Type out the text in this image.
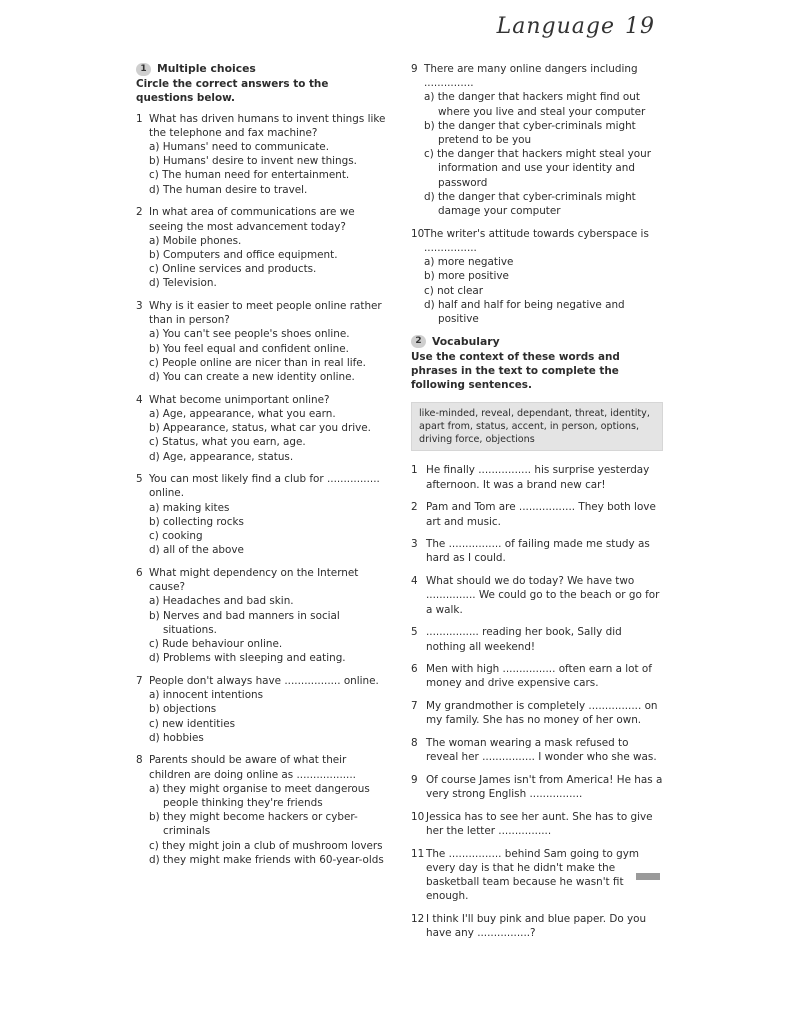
Language 19
1 Multiple choices
Circle the correct answers to the questions below.
1 What has driven humans to invent things like the telephone and fax machine?
a) Humans' need to communicate.
b) Humans' desire to invent new things.
c) The human need for entertainment.
d) The human desire to travel.
2 In what area of communications are we seeing the most advancement today?
a) Mobile phones.
b) Computers and office equipment.
c) Online services and products.
d) Television.
3 Why is it easier to meet people online rather than in person?
a) You can't see people's shoes online.
b) You feel equal and confident online.
c) People online are nicer than in real life.
d) You can create a new identity online.
4 What become unimportant online?
a) Age, appearance, what you earn.
b) Appearance, status, what car you drive.
c) Status, what you earn, age.
d) Age, appearance, status.
5 You can most likely find a club for ................ online.
a) making kites
b) collecting rocks
c) cooking
d) all of the above
6 What might dependency on the Internet cause?
a) Headaches and bad skin.
b) Nerves and bad manners in social situations.
c) Rude behaviour online.
d) Problems with sleeping and eating.
7 People don't always have ................. online.
a) innocent intentions
b) objections
c) new identities
d) hobbies
8 Parents should be aware of what their children are doing online as ..................
a) they might organise to meet dangerous people thinking they're friends
b) they might become hackers or cyber-criminals
c) they might join a club of mushroom lovers
d) they might make friends with 60-year-olds
9 There are many online dangers including ...............
a) the danger that hackers might find out where you live and steal your computer
b) the danger that cyber-criminals might pretend to be you
c) the danger that hackers might steal your information and use your identity and password
d) the danger that cyber-criminals might damage your computer
10 The writer's attitude towards cyberspace is ................
a) more negative
b) more positive
c) not clear
d) half and half for being negative and positive
2 Vocabulary
Use the context of these words and phrases in the text to complete the following sentences.
like-minded, reveal, dependant, threat, identity, apart from, status, accent, in person, options, driving force, objections
1 He finally ................ his surprise yesterday afternoon. It was a brand new car!
2 Pam and Tom are ................. They both love art and music.
3 The ................ of failing made me study as hard as I could.
4 What should we do today? We have two ............... We could go to the beach or go for a walk.
5 ................ reading her book, Sally did nothing all weekend!
6 Men with high ................ often earn a lot of money and drive expensive cars.
7 My grandmother is completely ................ on my family. She has no money of her own.
8 The woman wearing a mask refused to reveal her ................ I wonder who she was.
9 Of course James isn't from America! He has a very strong English ................
10 Jessica has to see her aunt. She has to give her the letter ................
11 The ................ behind Sam going to gym every day is that he didn't make the basketball team because he wasn't fit enough.
12 I think I'll buy pink and blue paper. Do you have any ................?
